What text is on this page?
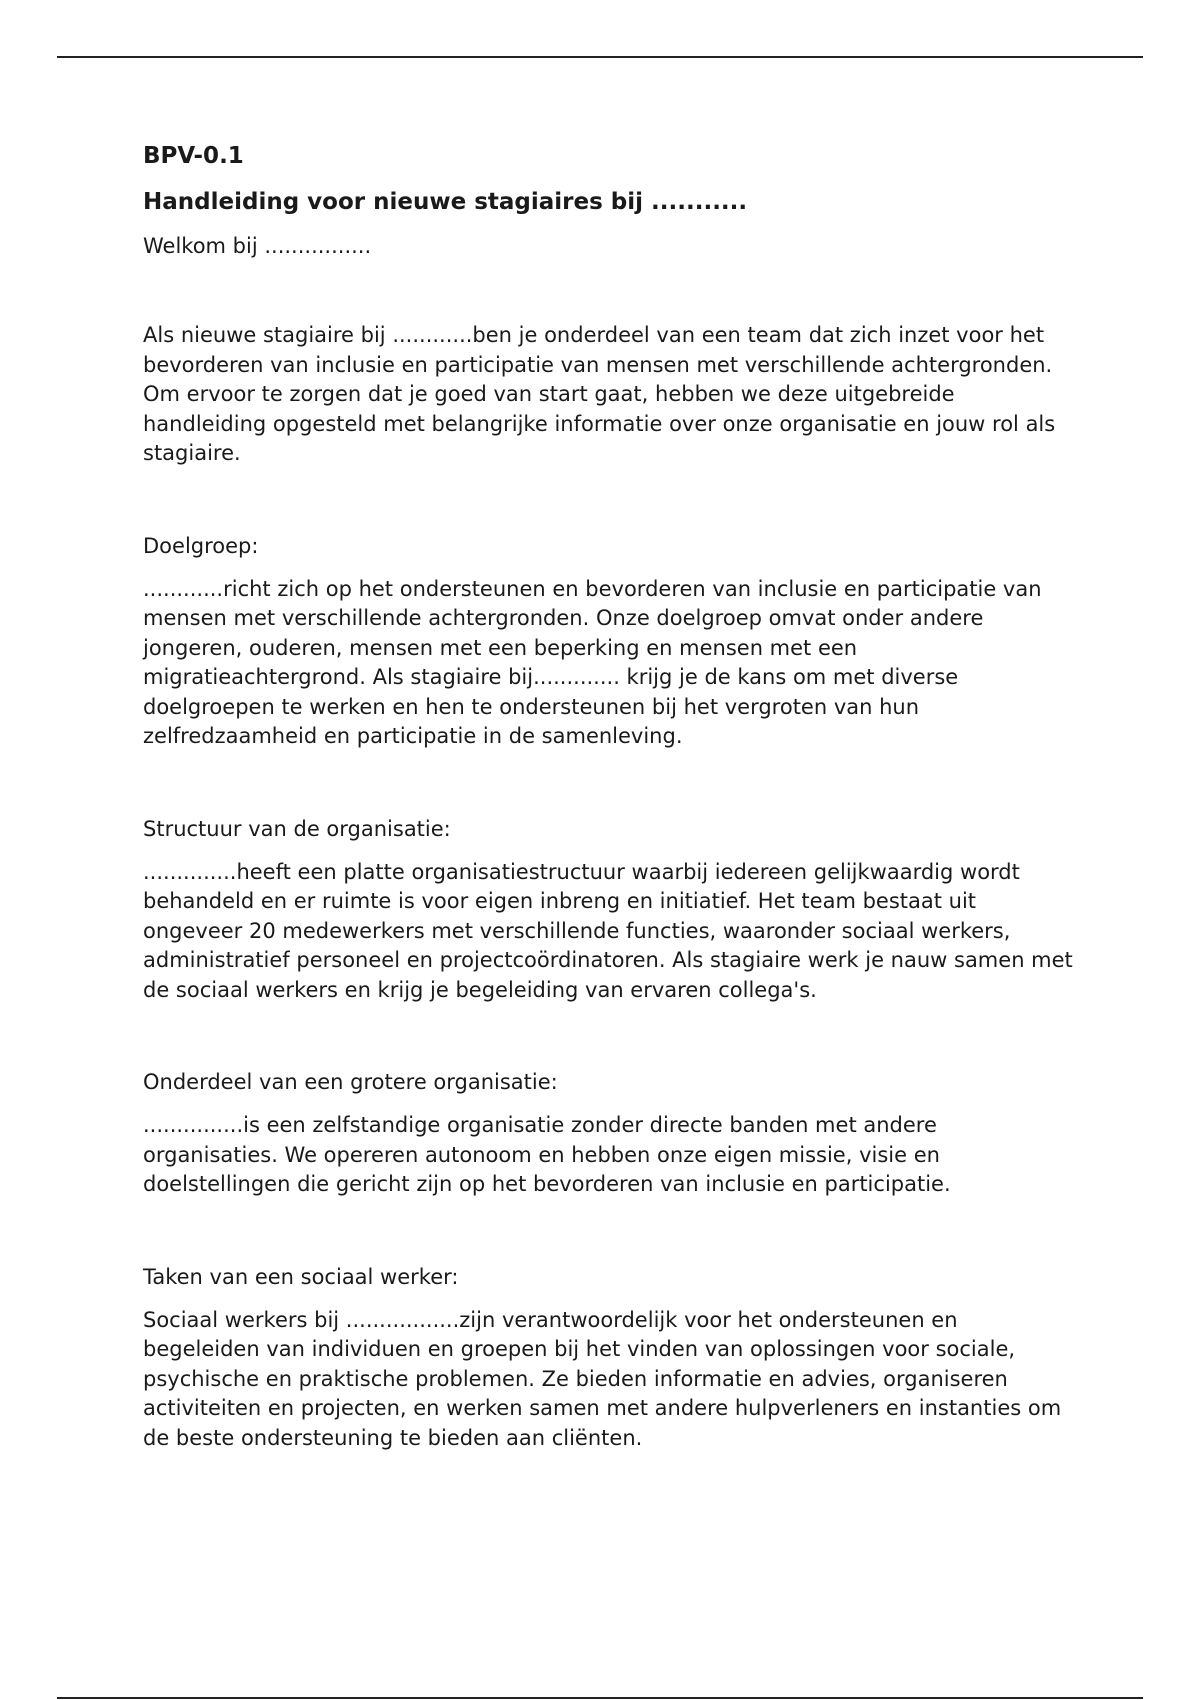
BPV-0.1
Handleiding voor nieuwe stagiaires bij ...........
Welkom bij ................

Als nieuwe stagiaire bij ............ben je onderdeel van een team dat zich inzet voor het bevorderen van inclusie en participatie van mensen met verschillende achtergronden. Om ervoor te zorgen dat je goed van start gaat, hebben we deze uitgebreide handleiding opgesteld met belangrijke informatie over onze organisatie en jouw rol als stagiaire.

Doelgroep:

............richt zich op het ondersteunen en bevorderen van inclusie en participatie van mensen met verschillende achtergronden. Onze doelgroep omvat onder andere jongeren, ouderen, mensen met een beperking en mensen met een migratieachtergrond. Als stagiaire bij............. krijg je de kans om met diverse doelgroepen te werken en hen te ondersteunen bij het vergroten van hun zelfredzaamheid en participatie in de samenleving.

Structuur van de organisatie:

..............heeft een platte organisatiestructuur waarbij iedereen gelijkwaardig wordt behandeld en er ruimte is voor eigen inbreng en initiatief. Het team bestaat uit ongeveer 20 medewerkers met verschillende functies, waaronder sociaal werkers, administratief personeel en projectcoördinatoren. Als stagiaire werk je nauw samen met de sociaal werkers en krijg je begeleiding van ervaren collega's.

Onderdeel van een grotere organisatie:

...............is een zelfstandige organisatie zonder directe banden met andere organisaties. We opereren autonoom en hebben onze eigen missie, visie en doelstellingen die gericht zijn op het bevorderen van inclusie en participatie.

Taken van een sociaal werker:

Sociaal werkers bij .................zijn verantwoordelijk voor het ondersteunen en begeleiden van individuen en groepen bij het vinden van oplossingen voor sociale, psychische en praktische problemen. Ze bieden informatie en advies, organiseren activiteiten en projecten, en werken samen met andere hulpverleners en instanties om de beste ondersteuning te bieden aan cliënten.
